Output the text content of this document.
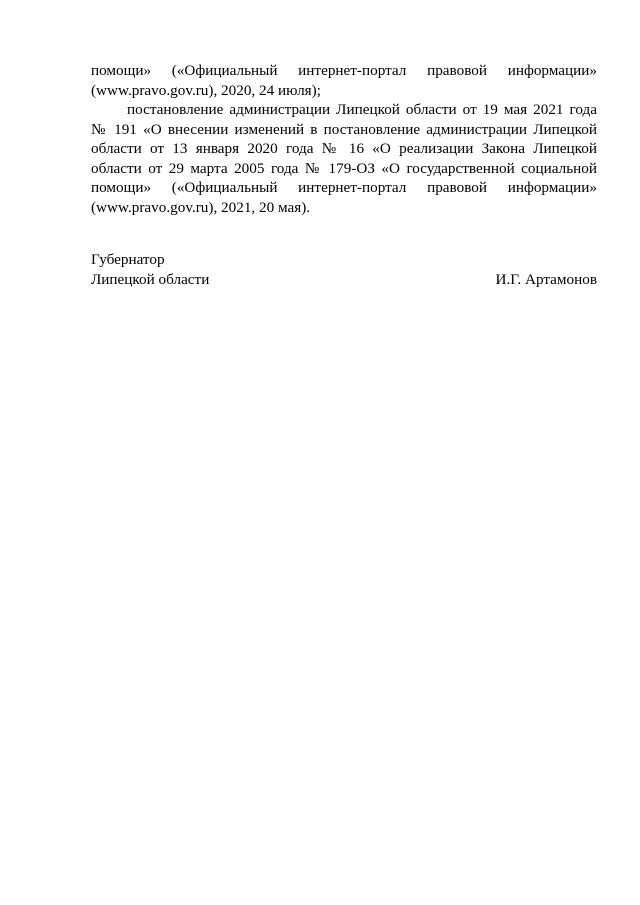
помощи» («Официальный интернет-портал правовой информации» (www.pravo.gov.ru), 2020, 24 июля);

постановление администрации Липецкой области от 19 мая 2021 года № 191 «О внесении изменений в постановление администрации Липецкой области от 13 января 2020 года № 16 «О реализации Закона Липецкой области от 29 марта 2005 года № 179-ОЗ «О государственной социальной помощи» («Официальный интернет-портал правовой информации» (www.pravo.gov.ru), 2021, 20 мая).

Губернатор
Липецкой области	И.Г. Артамонов
